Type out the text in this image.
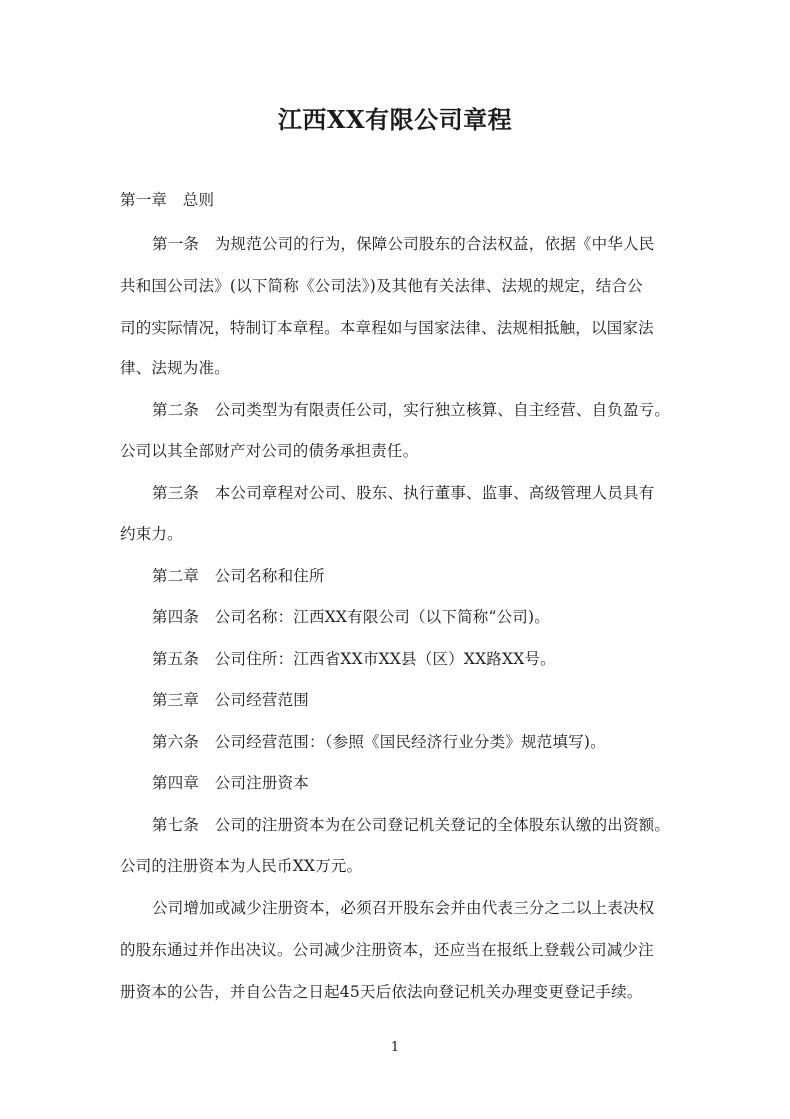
江西XX有限公司章程
第一章　总则
第一条　为规范公司的行为，保障公司股东的合法权益，依据《中华人民
共和国公司法》(以下简称《公司法》)及其他有关法律、法规的规定，结合公
司的实际情况，特制订本章程。本章程如与国家法律、法规相抵触，以国家法
律、法规为准。
第二条　公司类型为有限责任公司，实行独立核算、自主经营、自负盈亏。
公司以其全部财产对公司的债务承担责任。
第三条　本公司章程对公司、股东、执行董事、监事、高级管理人员具有
约束力。
第二章　公司名称和住所
第四条　公司名称：江西XX有限公司（以下简称“公司)。
第五条　公司住所：江西省XX市XX县（区）XX路XX号。
第三章　公司经营范围
第六条　公司经营范围：（参照《国民经济行业分类》规范填写)。
第四章　公司注册资本
第七条　公司的注册资本为在公司登记机关登记的全体股东认缴的出资额。
公司的注册资本为人民币XX万元。
公司增加或减少注册资本，必须召开股东会并由代表三分之二以上表决权
的股东通过并作出决议。公司减少注册资本，还应当在报纸上登载公司减少注
册资本的公告，并自公告之日起45天后依法向登记机关办理变更登记手续。
1
